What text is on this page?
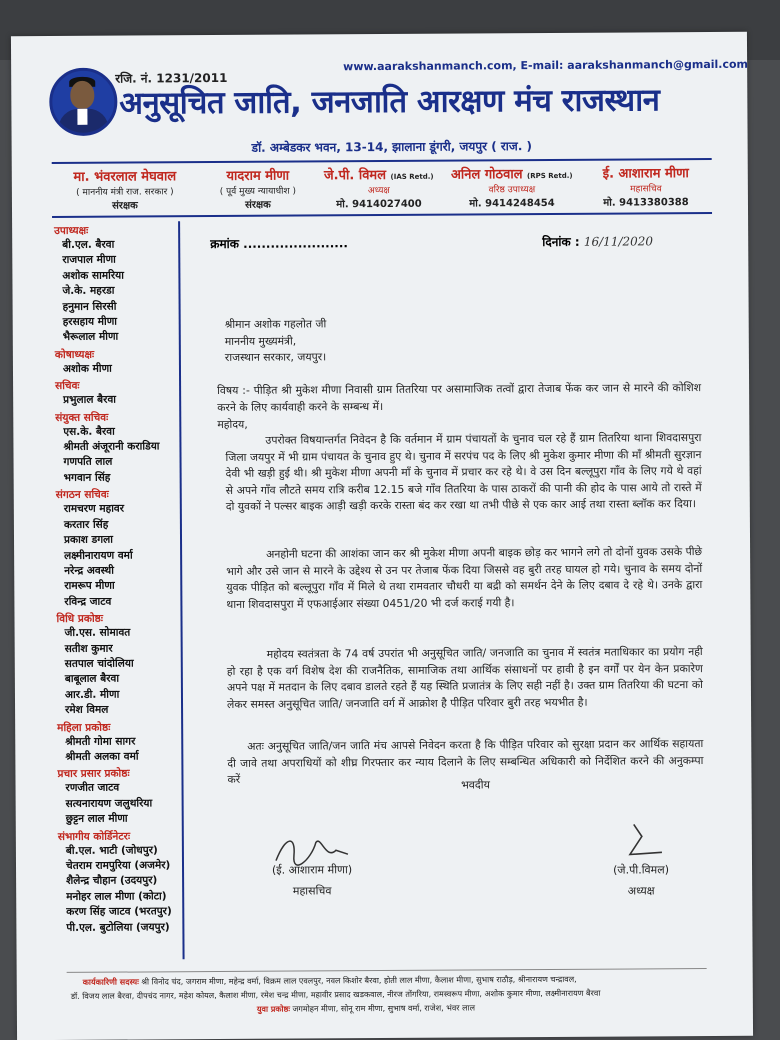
रजि. नं. 1231/2011
www.aarakshanmanch.com, E-mail: aarakshanmanch@gmail.com
अनुसूचित जाति, जनजाति आरक्षण मंच राजस्थान
डॉ. अम्बेडकर भवन, 13-14, झालाना डूंगरी, जयपुर ( राज. )
मा. भंवरलाल मेघवाल
( माननीय मंत्री राज. सरकार )
संरक्षक
यादराम मीणा
( पूर्व मुख्य न्यायाधीश )
संरक्षक
जे.पी. विमल (IAS Retd.)
अध्यक्ष
मो. 9414027400
अनिल गोठवाल (RPS Retd.)
वरिष्ठ उपाध्यक्ष
मो. 9414248454
ई. आशाराम मीणा
महासचिव
मो. 9413380388
उपाध्यक्षः
बी.एल. बैरवा
राजपाल मीणा
अशोक सामरिया
जे.के. महरडा
हनुमान सिरसी
हरसहाय मीणा
भैरूलाल मीणा
कोषाध्यक्षः
अशोक मीणा
सचिवः
प्रभुलाल बैरवा
संयुक्त सचिवः
एस.के. बैरवा
श्रीमती अंजूरानी कराडिया
गणपति लाल
भगवान सिंह
संगठन सचिवः
रामचरण महावर
करतार सिंह
प्रकाश डगला
लक्ष्मीनारायण वर्मा
नरेन्द्र अवस्थी
रामरूप मीणा
रविन्द्र जाटव
विधि प्रकोष्ठः
जी.एस. सोमावत
सतीश कुमार
सतपाल चांदोलिया
बाबूलाल बैरवा
आर.डी. मीणा
रमेश विमल
महिला प्रकोष्ठः
श्रीमती गोमा सागर
श्रीमती अलका वर्मा
प्रचार प्रसार प्रकोष्ठः
रणजीत जाटव
सत्यनारायण जलुथरिया
छुट्टन लाल मीणा
संभागीय कोर्डिनेटरः
बी.एल. भाटी (जोधपुर)
चेतराम रामपुरिया (अजमेर)
शैलेन्द्र चौहान (उदयपुर)
मनोहर लाल मीणा (कोटा)
करण सिंह जाटव (भरतपुर)
पी.एल. बुटोलिया (जयपुर)
क्रमांक .......................	दिनांक : 16/11/2020
श्रीमान अशोक गहलोत जी
माननीय मुख्यमंत्री,
राजस्थान सरकार, जयपुर।
विषय :- पीड़ित श्री मुकेश मीणा निवासी ग्राम तितरिया पर असामाजिक तत्वों द्वारा तेजाब फेंक कर जान से मारने की कोशिश करने के लिए कार्यवाही करने के सम्बन्ध में।
महोदय,
उपरोक्त विषयान्तर्गत निवेदन है कि वर्तमान में ग्राम पंचायतों के चुनाव चल रहे हैं ग्राम तितरिया थाना शिवदासपुरा जिला जयपुर में भी ग्राम पंचायत के चुनाव हुए थे। चुनाव में सरपंच पद के लिए श्री मुकेश कुमार मीणा की माँ श्रीमती सुरज्ञान देवी भी खड़ी हुई थी। श्री मुकेश मीणा अपनी माँ के चुनाव में प्रचार कर रहे थे। वे उस दिन बल्लूपुरा गाँव के लिए गये थे वहां से अपने गाँव लौटते समय रात्रि करीब 12.15 बजे गाँव तितरिया के पास ठाकरों की पानी की होद के पास आये तो रास्ते में दो युवकों ने पल्सर बाइक आड़ी खड़ी करके रास्ता बंद कर रखा था तभी पीछे से एक कार आई तथा रास्ता ब्लॉक कर दिया।
अनहोनी घटना की आशंका जान कर श्री मुकेश मीणा अपनी बाइक छोड़ कर भागने लगे तो दोनों युवक उसके पीछे भागे और उसे जान से मारने के उद्देश्य से उन पर तेजाब फेंक दिया जिससे वह बुरी तरह घायल हो गये। चुनाव के समय दोनों युवक पीड़ित को बल्लूपुरा गाँव में मिले थे तथा रामवतार चौधरी या बद्री को समर्थन देने के लिए दबाव दे रहे थे। उनके द्वारा थाना शिवदासपुरा में एफआईआर संख्या 0451/20 भी दर्ज कराई गयी है।
महोदय स्वतंत्रता के 74 वर्ष उपरांत भी अनुसूचित जाति/ जनजाति का चुनाव में स्वतंत्र मताधिकार का प्रयोग नही हो रहा है एक वर्ग विशेष देश की राजनैतिक, सामाजिक तथा आर्थिक संसाधनों पर हावी है इन वर्गों पर येन केन प्रकारेण अपने पक्ष में मतदान के लिए दबाव डालते रहते हैं यह स्थिति प्रजातंत्र के लिए सही नहीं है। उक्त ग्राम तितरिया की घटना को लेकर समस्त अनुसूचित जाति/ जनजाति वर्ग में आक्रोश है पीड़ित परिवार बुरी तरह भयभीत है।
अतः अनुसूचित जाति/जन जाति मंच आपसे निवेदन करता है कि पीड़ित परिवार को सुरक्षा प्रदान कर आर्थिक सहायता दी जावे तथा अपराधियों को शीघ्र गिरफ्तार कर न्याय दिलाने के लिए सम्बन्धित अधिकारी को निर्देशित करने की अनुकम्पा करें	भवदीय
(ई. आशाराम मीणा)
महासचिव
(जे.पी.विमल)
अध्यक्ष
कार्यकारिणी सदस्यः श्री विनोद चंद, जगराम मीणा, महेन्द्र वर्मा, विक्रम लाल एवलपुर, नवल किशोर बैरवा, होती लाल मीणा, कैलाश मीणा, सुभाष राठौड़, श्रीनारायण चन्द्रावल,
डॉ. विजय लाल बैरवा, दीपचंद नागर, महेश कोयल, कैलाश मीणा, रमेश चन्द्र मीणा, महावीर प्रसाद खडकवाल, नीरज तोंगरिया, रामस्वरूप मीणा, अशोक कुमार मीणा, लक्ष्मीनारायण बैरवा
युवा प्रकोष्ठः जगमोहन मीणा, सोनू राम मीणा, सुभाष वर्मा, राजेश, भंवर लाल
